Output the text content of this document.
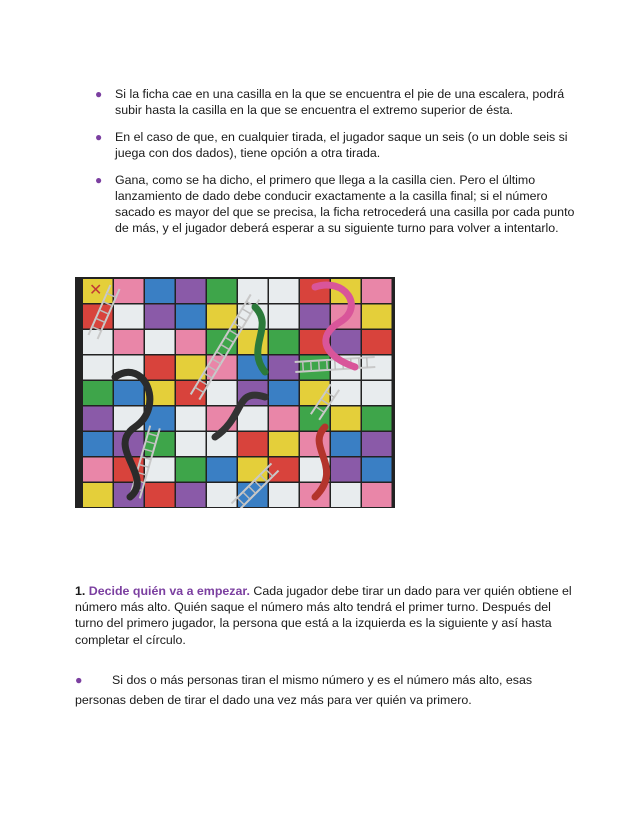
● Si la ficha cae en una casilla en la que se encuentra el pie de una escalera, podrá subir hasta la casilla en la que se encuentra el extremo superior de ésta.
● En el caso de que, en cualquier tirada, el jugador saque un seis (o un doble seis si juega con dos dados), tiene opción a otra tirada.
● Gana, como se ha dicho, el primero que llega a la casilla cien. Pero el último lanzamiento de dado debe conducir exactamente a la casilla final; si el número sacado es mayor del que se precisa, la ficha retrocederá una casilla por cada punto de más, y el jugador deberá esperar a su siguiente turno para volver a intentarlo.
✕
1. Decide quién va a empezar. Cada jugador debe tirar un dado para ver quién obtiene el número más alto. Quién saque el número más alto tendrá el primer turno. Después del turno del primero jugador, la persona que está a la izquierda es la siguiente y así hasta completar el círculo.
● Si dos o más personas tiran el mismo número y es el número más alto, esas personas deben de tirar el dado una vez más para ver quién va primero.
